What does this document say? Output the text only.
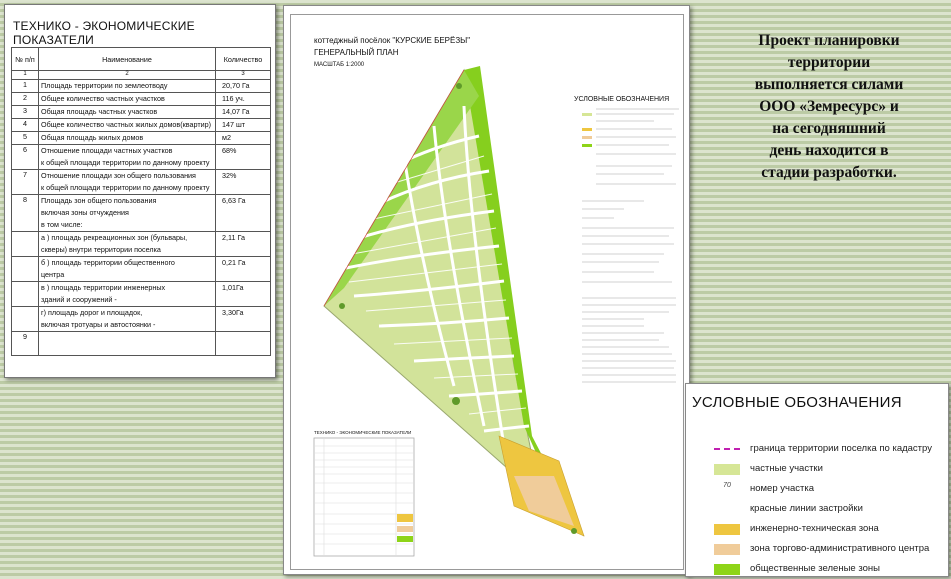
ТЕХНИКО - ЭКОНОМИЧЕСКИЕ ПОКАЗАТЕЛИ
№ п/п	Наименование	Количество
1	2	3
1	Площадь территории по землеотводу	20,70 Га
2	Общее количество частных участков	116 уч.
3	Общая площадь частных участков	14,07 Га
4	Общее количество частных жилых домов(квартир)	147 шт
5	Общая площадь жилых домов	м2
6	Отношение площади частных участков
к общей площади территории по данному проекту	68%
7	Отношение площади зон общего пользования
к общей площади территории по данному проекту	32%
8	Площадь зон общего пользования
включая зоны отчуждения
в том числе:	6,63 Га
	а ) площадь рекреационных зон (бульвары,
скверы) внутри территории поселка	2,11 Га
	б ) площадь территории общественного
центра	0,21 Га
	в ) площадь территории инженерных
зданий и сооружений -	1,01Га
	г) площадь дорог и площадок,
включая тротуары и автостоянки -	3,30Га
9		
коттеджный посёлок "КУРСКИЕ БЕРЁЗЫ"
ГЕНЕРАЛЬНЫЙ ПЛАН
МАСШТАБ 1:2000
УСЛОВНЫЕ ОБОЗНАЧЕНИЯ
ТЕХНИКО - ЭКОНОМИЧЕСКИЕ ПОКАЗАТЕЛИ
Проект планировки
территории
выполняется силами
ООО «Земресурс» и
на сегодняшний
день находится в
стадии разработки.
УСЛОВНЫЕ ОБОЗНАЧЕНИЯ
граница территории поселка по кадастру
частные участки
70	номер участка
красные линии застройки
инженерно-техническая зона
зона торгово-административного центра
общественные зеленые зоны
